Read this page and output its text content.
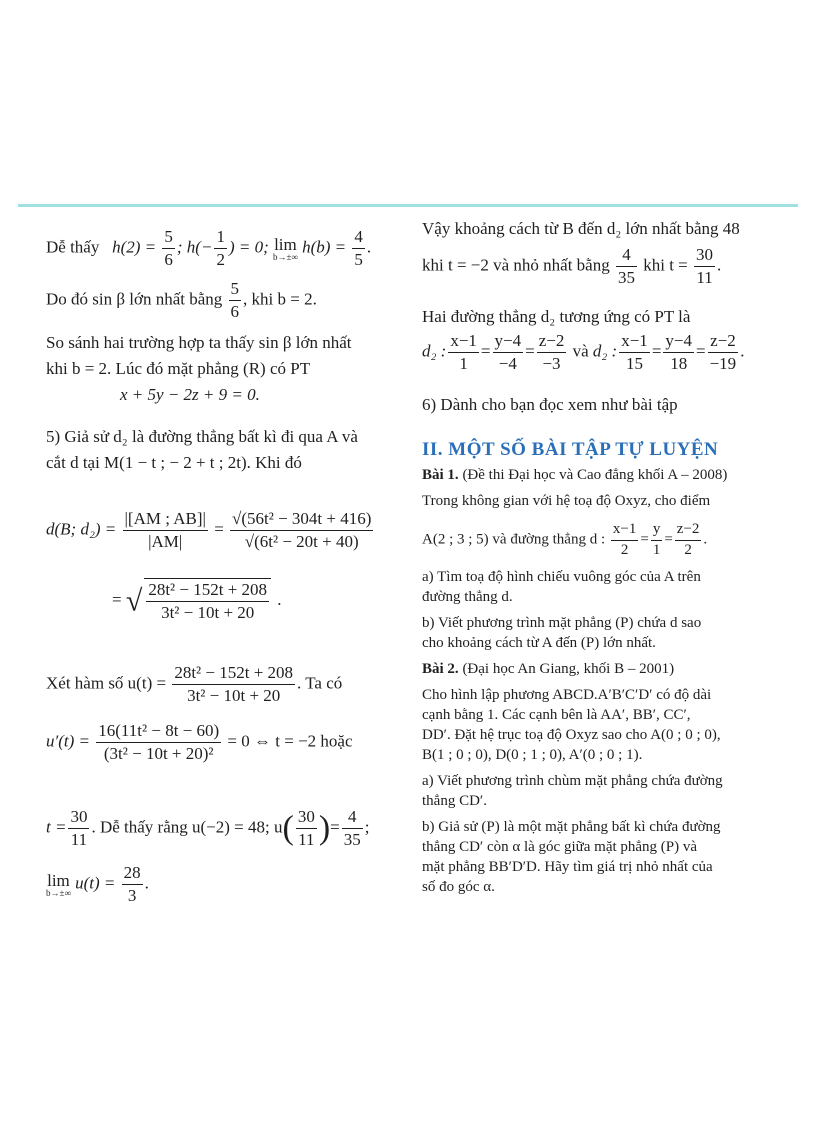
Dễ thấy $h(2) = \frac{5}{6}$ ; $h(- \frac{1}{2}$ ) = 0; lim
b→±∞
$h(b) = \frac{4}{5}$ .
Do đó sin β lớn nhất bằng $\frac{5}{6}$ , khi b = 2.
So sánh hai trường hợp ta thấy sin β lớn nhất
khi b = 2. Lúc đó mặt phẳng (R) có PT
x + 5y − 2z + 9 = 0.
5) Giả sử d₂ là đường thẳng bất kì đi qua A và
cắt d tại M(1 − t ; − 2 + t ; 2t). Khi đó
d(B; $d_2) = \frac{|[AM ; AB]|}{|AM|} = \frac{\text{√(56t² − 304t + 416)}}{\text{√(6t² − 20t + 40)}}$
= √ $\frac{\text{28t² − 152t + 208}}{\text{3t² − 10t + 20}}$ .
Xét hàm số $u(t) = \frac{\text{28t² − 152t + 208}}{\text{3t² − 10t + 20}}$ . Ta có
$u'(t) = \frac{\text{16(11t² − 8t − 60)}}{\text{(3t² − 10t + 20)²}} = 0$ ⇔ t = −2 hoặc
$t = \frac{30}{11}$ . Dễ thấy rằng u(−2) = 48; $u( \frac{30}{11}$ )= $\frac{4}{35}$ ;
lim
b→±∞
$u(t) = \frac{28}{3}$ .
Vậy khoảng cách từ B đến d₂ lớn nhất bằng 48
khi t = −2 và nhỏ nhất bằng $\frac{4}{35}$ khi $t = \frac{30}{11}$ .
Hai đường thẳng d₂ tương ứng có PT là
d₂ : $\frac{x-1}{1} = \frac{y-4}{-4} = \frac{z-2}{-3}$ và d₂ : $\frac{x-1}{15} = \frac{y-4}{18} = \frac{z-2}{-19}$ .
6) Dành cho bạn đọc xem như bài tập
II. MỘT SỐ BÀI TẬP TỰ LUYỆN
Bài 1. (Đề thi Đại học và Cao đẳng khối A – 2008)
Trong không gian với hệ toạ độ Oxyz, cho điểm
A(2 ; 3 ; 5) và đường thẳng d : $\frac{x-1}{2} = \frac{y}{1} = \frac{z-2}{2}$ .
a) Tìm toạ độ hình chiếu vuông góc của A trên
đường thẳng d.
b) Viết phương trình mặt phẳng (P) chứa d sao
cho khoảng cách từ A đến (P) lớn nhất.
Bài 2. (Đại học An Giang, khối B – 2001)
Cho hình lập phương ABCD.A′B′C′D′ có độ dài
cạnh bằng 1. Các cạnh bên là AA′, BB′, CC′,
DD′. Đặt hệ trục toạ độ Oxyz sao cho A(0 ; 0 ; 0),
B(1 ; 0 ; 0), D(0 ; 1 ; 0), A′(0 ; 0 ; 1).
a) Viết phương trình chùm mặt phẳng chứa đường
thẳng CD′.
b) Giả sử (P) là một mặt phẳng bất kì chứa đường
thẳng CD′ còn α là góc giữa mặt phẳng (P) và
mặt phẳng BB′D′D. Hãy tìm giá trị nhỏ nhất của
số đo góc α.
